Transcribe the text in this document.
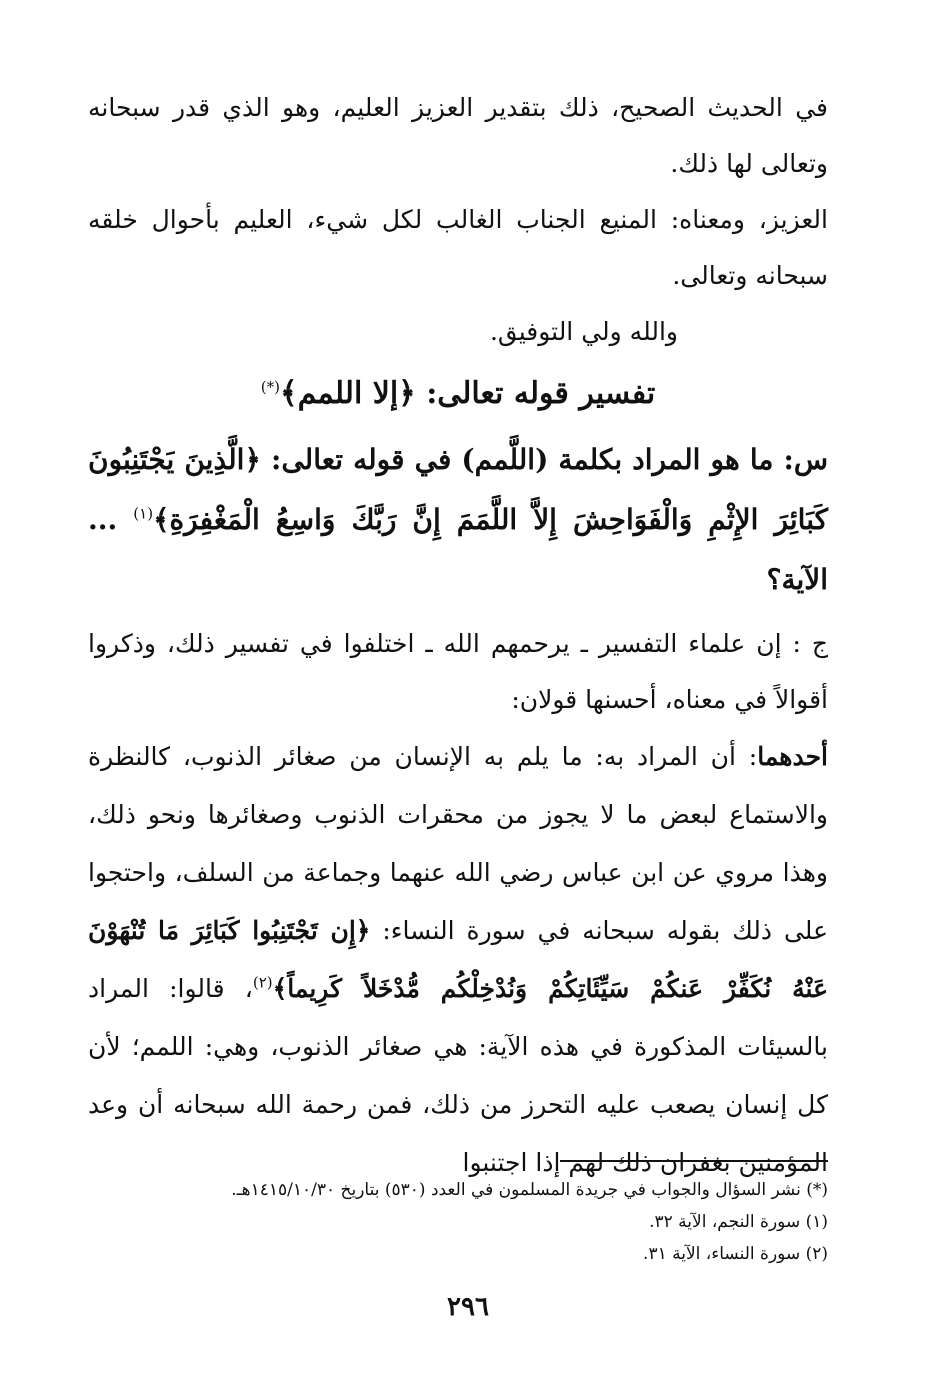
في الحديث الصحيح، ذلك بتقدير العزيز العليم، وهو الذي قدر سبحانه وتعالى لها ذلك.

العزيز، ومعناه: المنيع الجناب الغالب لكل شيء، العليم بأحوال خلقه سبحانه وتعالى.

والله ولي التوفيق.

تفسير قوله تعالى: ﴿إلا اللمم﴾(*)

س: ما هو المراد بكلمة (اللَّمم) في قوله تعالى: ﴿الَّذِينَ يَجْتَنِبُونَ كَبَائِرَ الإِثْمِ وَالْفَوَاحِشَ إِلاَّ اللَّمَمَ إِنَّ رَبَّكَ وَاسِعُ الْمَغْفِرَةِ﴾$^{(١)}$ ... الآية؟

ج : إن علماء التفسير ـ يرحمهم الله ـ اختلفوا في تفسير ذلك، وذكروا أقوالاً في معناه، أحسنها قولان:

أحدهما: أن المراد به: ما يلم به الإنسان من صغائر الذنوب، كالنظرة والاستماع لبعض ما لا يجوز من محقرات الذنوب وصغائرها ونحو ذلك، وهذا مروي عن ابن عباس رضي الله عنهما وجماعة من السلف، واحتجوا على ذلك بقوله سبحانه في سورة النساء: ﴿إِن تَجْتَنِبُوا كَبَائِرَ مَا تُنْهَوْنَ عَنْهُ نُكَفِّرْ عَنكُمْ سَيِّئَاتِكُمْ وَنُدْخِلْكُم مُّدْخَلاً كَرِيماً﴾$^{(٢)}$، قالوا: المراد بالسيئات المذكورة في هذه الآية: هي صغائر الذنوب، وهي: اللمم؛ لأن كل إنسان يصعب عليه التحرز من ذلك، فمن رحمة الله سبحانه أن وعد المؤمنين بغفران ذلك لهم إذا اجتنبوا

(*) نشر السؤال والجواب في جريدة المسلمون في العدد (٥٣٠) بتاريخ ١٤١٥/١٠/٣٠هـ.

(١) سورة النجم، الآية ٣٢.

(٢) سورة النساء، الآية ٣١.

٢٩٦
